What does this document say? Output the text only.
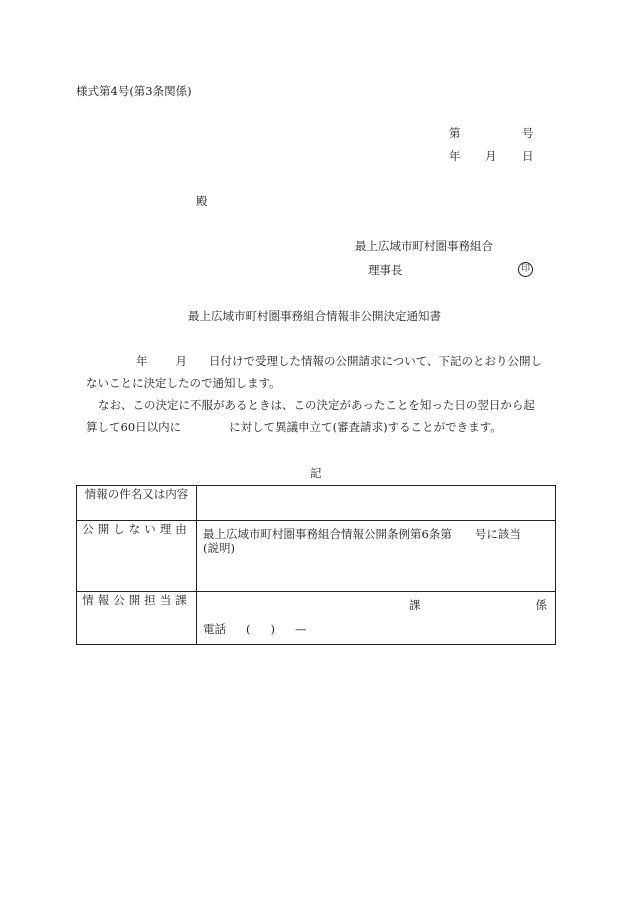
様式第4号(第3条関係)
第	号
年 月 日
殿
最上広域市町村圏事務組合
理事長	印
最上広域市町村圏事務組合情報非公開決定通知書
年 月 日付けで受理した情報の公開請求について、下記のとおり公開し
ないことに決定したので通知します。
なお、この決定に不服があるときは、この決定があったことを知った日の翌日から起
算して60日以内に	に対して異議申立て(審査請求)することができます。
記
情報の件名又は内容	

公開しない理由	最上広域市町村圏事務組合情報公開条例第6条第　　号に該当
(説明)

情報公開担当課	課 係
電話 ( ) —
